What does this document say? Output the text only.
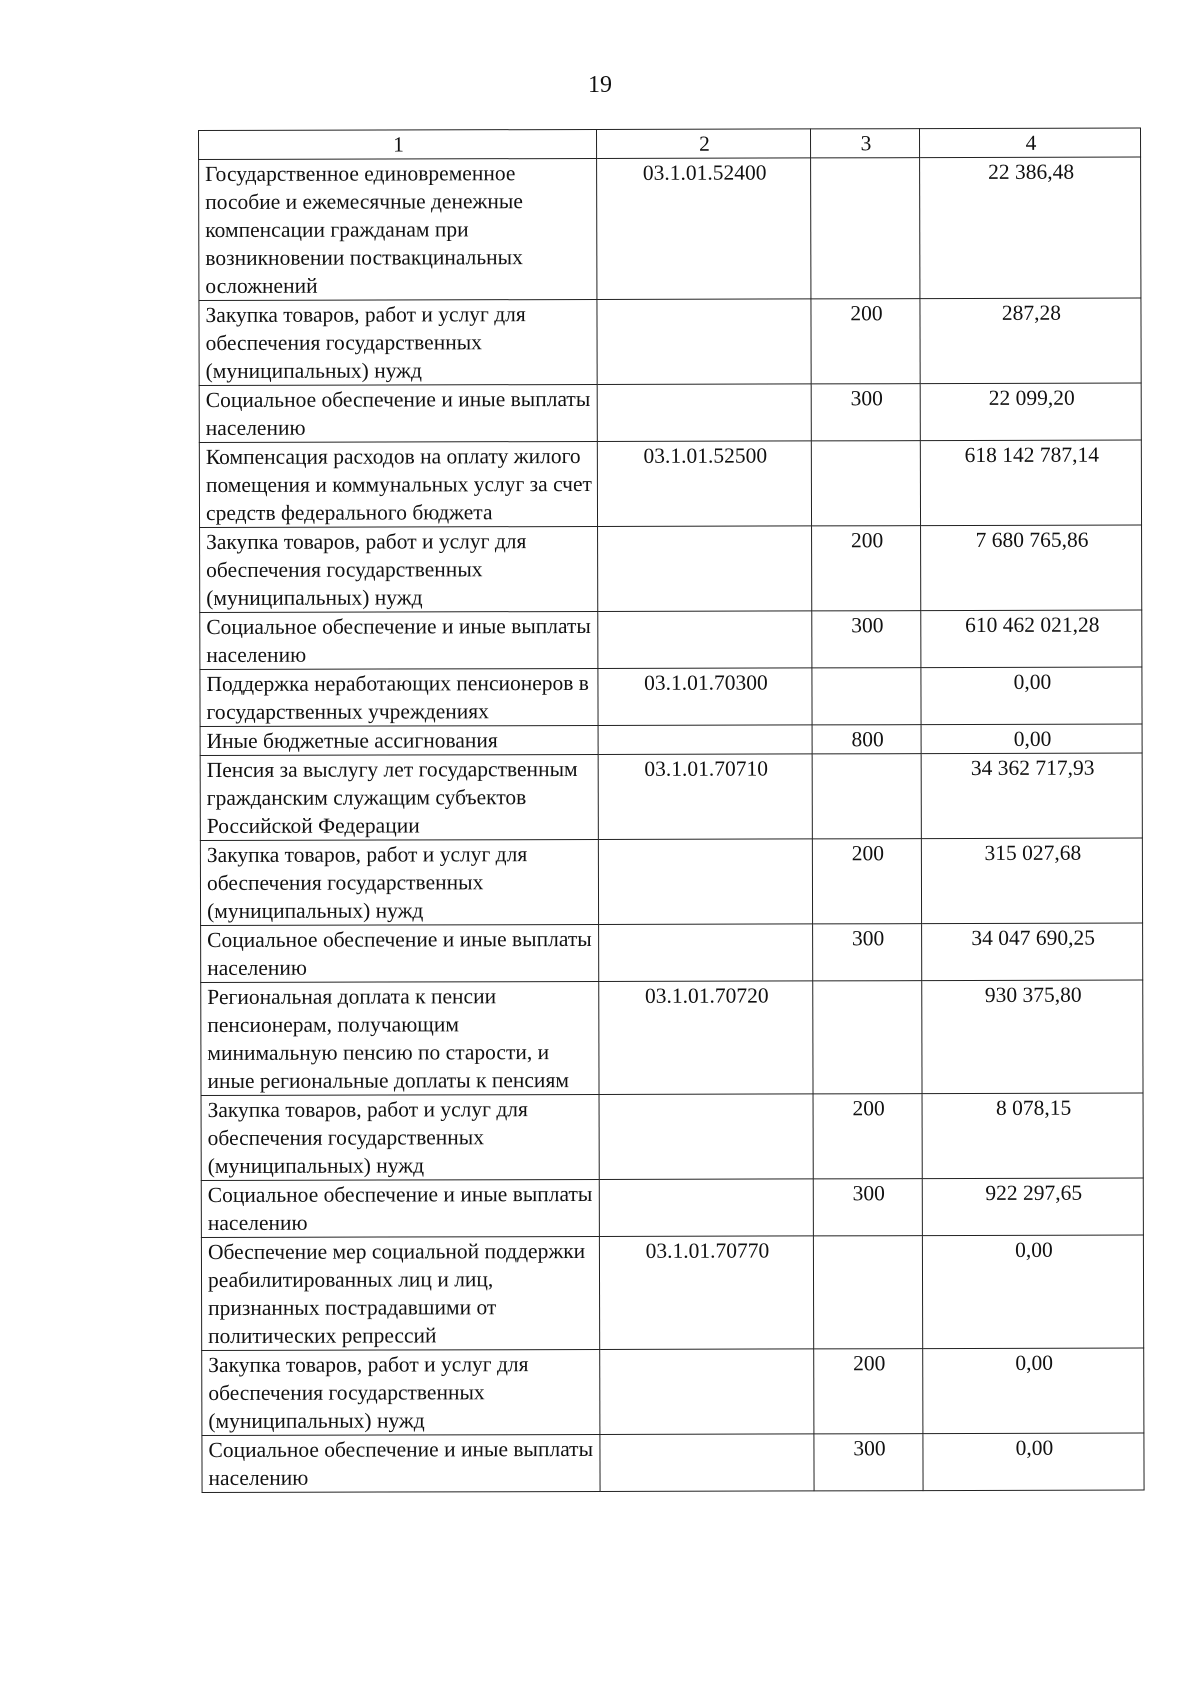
19
1	2	3	4
Государственное единовременное пособие и ежемесячные денежные компенсации гражданам при возникновении поствакцинальных осложнений	03.1.01.52400		22 386,48
Закупка товаров, работ и услуг для обеспечения государственных (муниципальных) нужд		200	287,28
Социальное обеспечение и иные выплаты населению		300	22 099,20
Компенсация расходов на оплату жилого помещения и коммунальных услуг за счет средств федерального бюджета	03.1.01.52500		618 142 787,14
Закупка товаров, работ и услуг для обеспечения государственных (муниципальных) нужд		200	7 680 765,86
Социальное обеспечение и иные выплаты населению		300	610 462 021,28
Поддержка неработающих пенсионеров в государственных учреждениях	03.1.01.70300		0,00
Иные бюджетные ассигнования		800	0,00
Пенсия за выслугу лет государственным гражданским служащим субъектов Российской Федерации	03.1.01.70710		34 362 717,93
Закупка товаров, работ и услуг для обеспечения государственных (муниципальных) нужд		200	315 027,68
Социальное обеспечение и иные выплаты населению		300	34 047 690,25
Региональная доплата к пенсии пенсионерам, получающим минимальную пенсию по старости, и иные региональные доплаты к пенсиям	03.1.01.70720		930 375,80
Закупка товаров, работ и услуг для обеспечения государственных (муниципальных) нужд		200	8 078,15
Социальное обеспечение и иные выплаты населению		300	922 297,65
Обеспечение мер социальной поддержки реабилитированных лиц и лиц, признанных пострадавшими от политических репрессий	03.1.01.70770		0,00
Закупка товаров, работ и услуг для обеспечения государственных (муниципальных) нужд		200	0,00
Социальное обеспечение и иные выплаты населению		300	0,00
